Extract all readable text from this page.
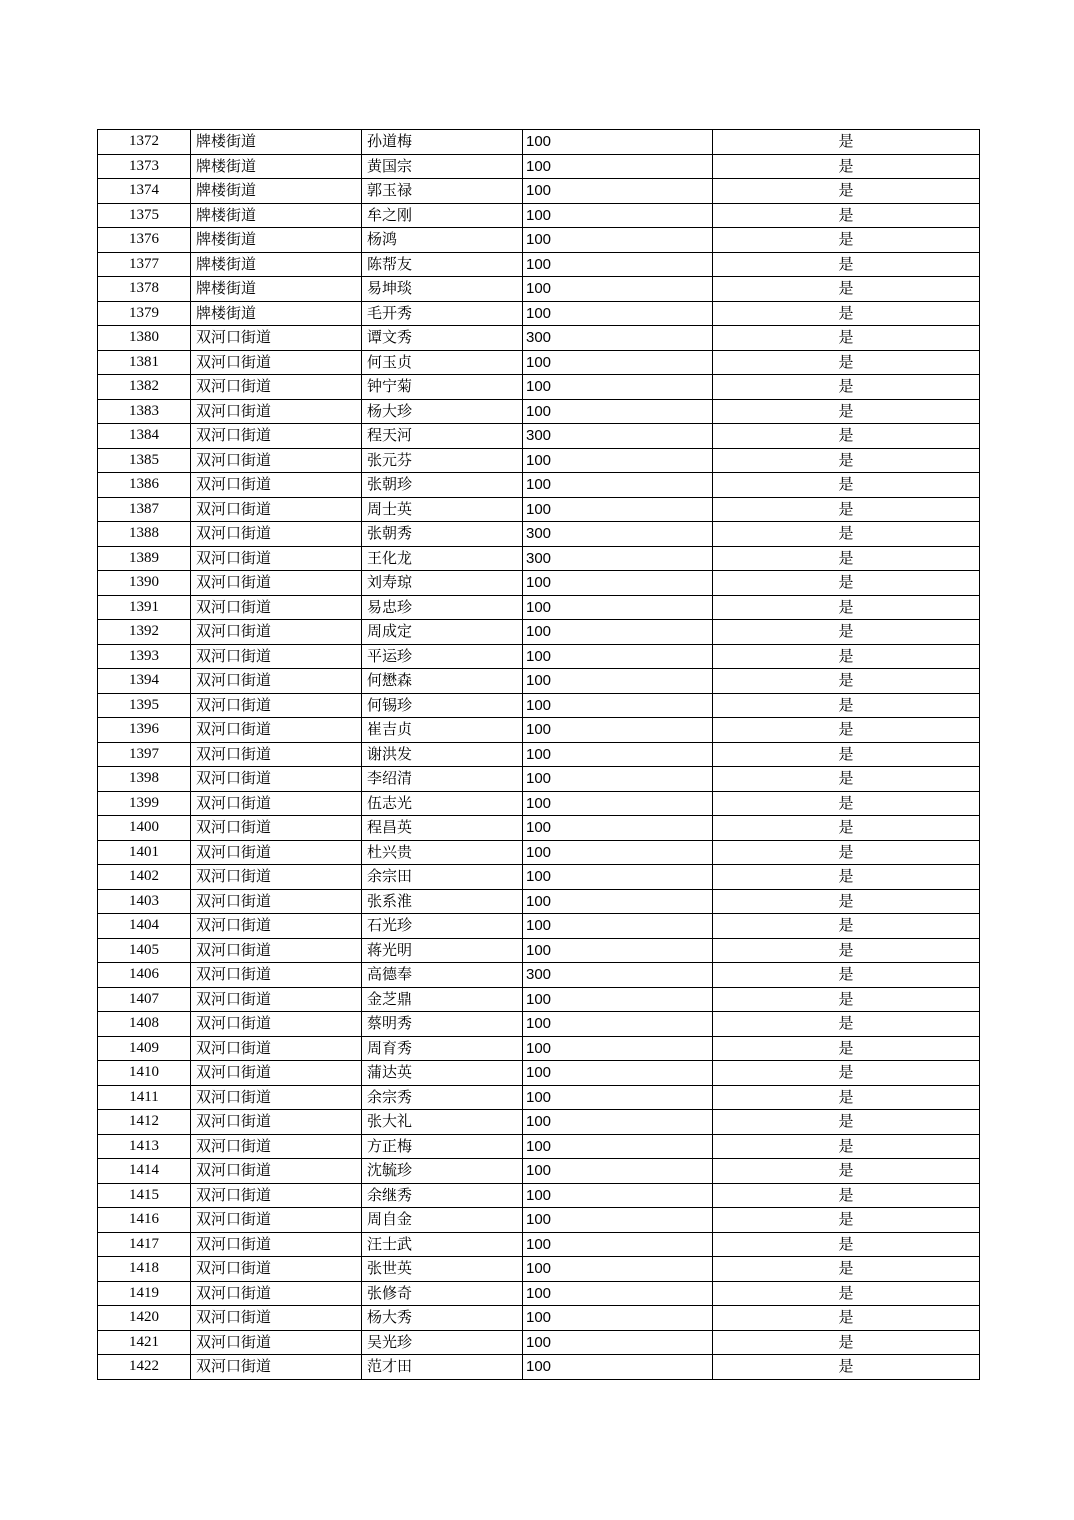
1372	牌楼街道	孙道梅	100	是
1373	牌楼街道	黄国宗	100	是
1374	牌楼街道	郭玉禄	100	是
1375	牌楼街道	牟之刚	100	是
1376	牌楼街道	杨鸿	100	是
1377	牌楼街道	陈帮友	100	是
1378	牌楼街道	易坤琰	100	是
1379	牌楼街道	毛开秀	100	是
1380	双河口街道	谭文秀	300	是
1381	双河口街道	何玉贞	100	是
1382	双河口街道	钟宁菊	100	是
1383	双河口街道	杨大珍	100	是
1384	双河口街道	程天河	300	是
1385	双河口街道	张元芬	100	是
1386	双河口街道	张朝珍	100	是
1387	双河口街道	周士英	100	是
1388	双河口街道	张朝秀	300	是
1389	双河口街道	王化龙	300	是
1390	双河口街道	刘寿琼	100	是
1391	双河口街道	易忠珍	100	是
1392	双河口街道	周成定	100	是
1393	双河口街道	平运珍	100	是
1394	双河口街道	何懋森	100	是
1395	双河口街道	何锡珍	100	是
1396	双河口街道	崔吉贞	100	是
1397	双河口街道	谢洪发	100	是
1398	双河口街道	李绍清	100	是
1399	双河口街道	伍志光	100	是
1400	双河口街道	程昌英	100	是
1401	双河口街道	杜兴贵	100	是
1402	双河口街道	余宗田	100	是
1403	双河口街道	张系淮	100	是
1404	双河口街道	石光珍	100	是
1405	双河口街道	蒋光明	100	是
1406	双河口街道	高德奉	300	是
1407	双河口街道	金芝鼎	100	是
1408	双河口街道	蔡明秀	100	是
1409	双河口街道	周育秀	100	是
1410	双河口街道	蒲达英	100	是
1411	双河口街道	余宗秀	100	是
1412	双河口街道	张大礼	100	是
1413	双河口街道	方正梅	100	是
1414	双河口街道	沈毓珍	100	是
1415	双河口街道	余继秀	100	是
1416	双河口街道	周自金	100	是
1417	双河口街道	汪士武	100	是
1418	双河口街道	张世英	100	是
1419	双河口街道	张修奇	100	是
1420	双河口街道	杨大秀	100	是
1421	双河口街道	吴光珍	100	是
1422	双河口街道	范才田	100	是
